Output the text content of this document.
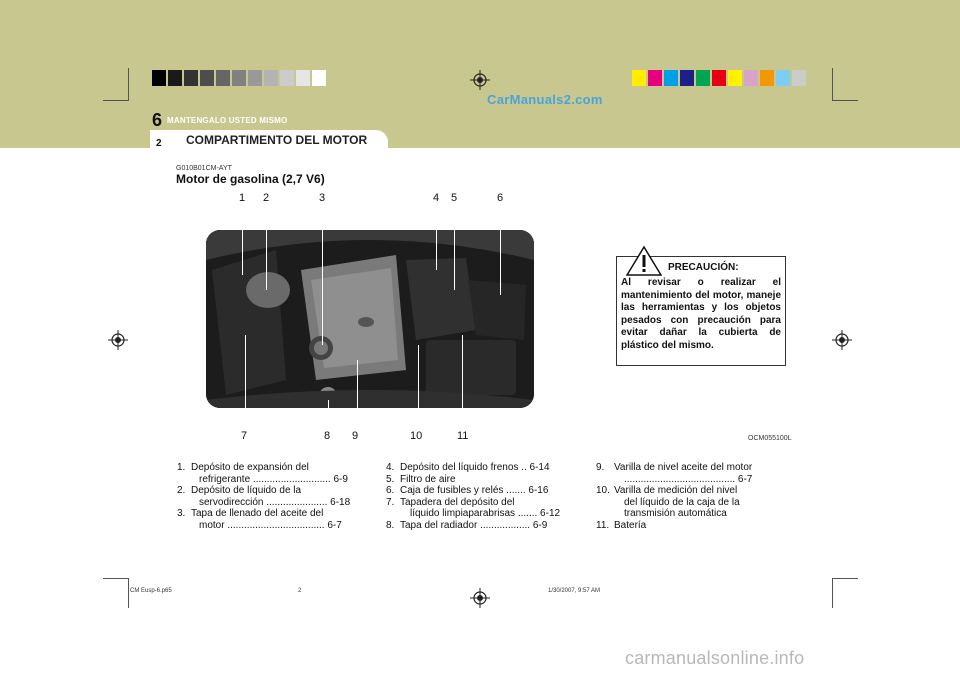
CarManuals2.com
6 MANTENGALO USTED MISMO
2 COMPARTIMENTO DEL MOTOR
G010B01CM-AYT
Motor de gasolina (2,7 V6)
1 2	3	4 5	6
7	8 9	10	11
PRECAUCIÓN:
Al revisar o realizar el mantenimiento del motor, maneje las herramientas y los objetos pesados con precaución para evitar dañar la cubierta de plástico del mismo.
OCM055100L
1. Depósito de expansión del
refrigerante ............................ 6-9
2. Depósito de líquido de la
servodirección ...................... 6-18
3. Tapa de llenado del aceite del
motor ................................... 6-7
4. Depósito del líquido frenos .. 6-14
5. Filtro de aire
6. Caja de fusibles y relés ....... 6-16
7. Tapadera del depósito del
líquido limpiaparabrisas ....... 6-12
8. Tapa del radiador .................. 6-9
9. Varilla de nivel aceite del motor
........................................ 6-7
10. Varilla de medición del nivel
del líquido de la caja de la
transmisión automática
11. Batería
CM Eusp-6.p65	2	1/30/2007, 9:57 AM
carmanualsonline.info
